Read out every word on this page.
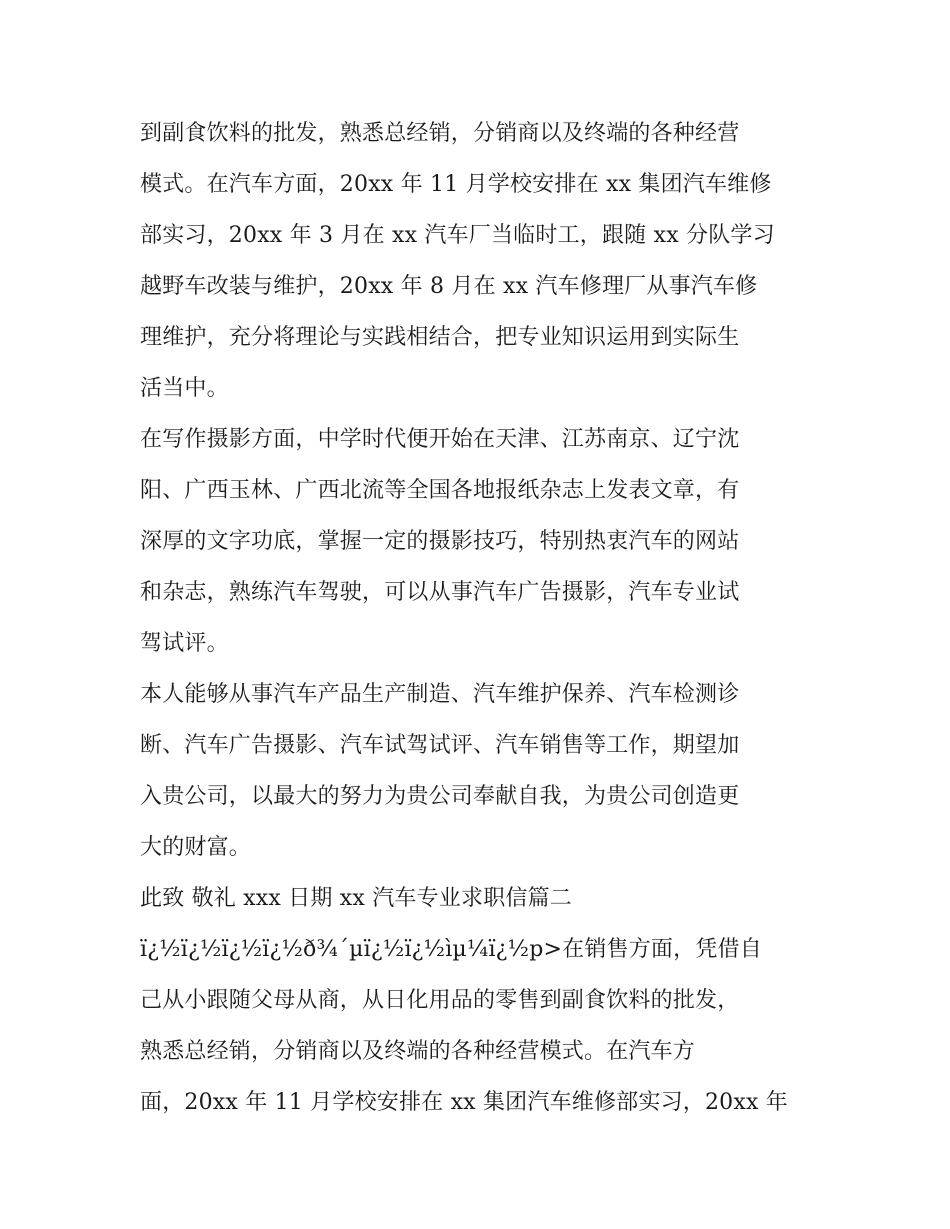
到副食饮料的批发，熟悉总经销，分销商以及终端的各种经营
模式。在汽车方面，20xx 年 11 月学校安排在 xx 集团汽车维修
部实习，20xx 年 3 月在 xx 汽车厂当临时工，跟随 xx 分队学习
越野车改装与维护，20xx 年 8 月在 xx 汽车修理厂从事汽车修
理维护，充分将理论与实践相结合，把专业知识运用到实际生
活当中。
在写作摄影方面，中学时代便开始在天津、江苏南京、辽宁沈
阳、广西玉林、广西北流等全国各地报纸杂志上发表文章，有
深厚的文字功底，掌握一定的摄影技巧，特别热衷汽车的网站
和杂志，熟练汽车驾驶，可以从事汽车广告摄影，汽车专业试
驾试评。
本人能够从事汽车产品生产制造、汽车维护保养、汽车检测诊
断、汽车广告摄影、汽车试驾试评、汽车销售等工作，期望加
入贵公司，以最大的努力为贵公司奉献自我，为贵公司创造更
大的财富。
此致 敬礼 xxx 日期 xx 汽车专业求职信篇二
ï¿½ï¿½ï¿½ï¿½ð¾´µï¿½ï¿½ìµ¼ï¿½p>在销售方面，凭借自
己从小跟随父母从商，从日化用品的零售到副食饮料的批发，
熟悉总经销，分销商以及终端的各种经营模式。在汽车方
面，20xx 年 11 月学校安排在 xx 集团汽车维修部实习，20xx 年
